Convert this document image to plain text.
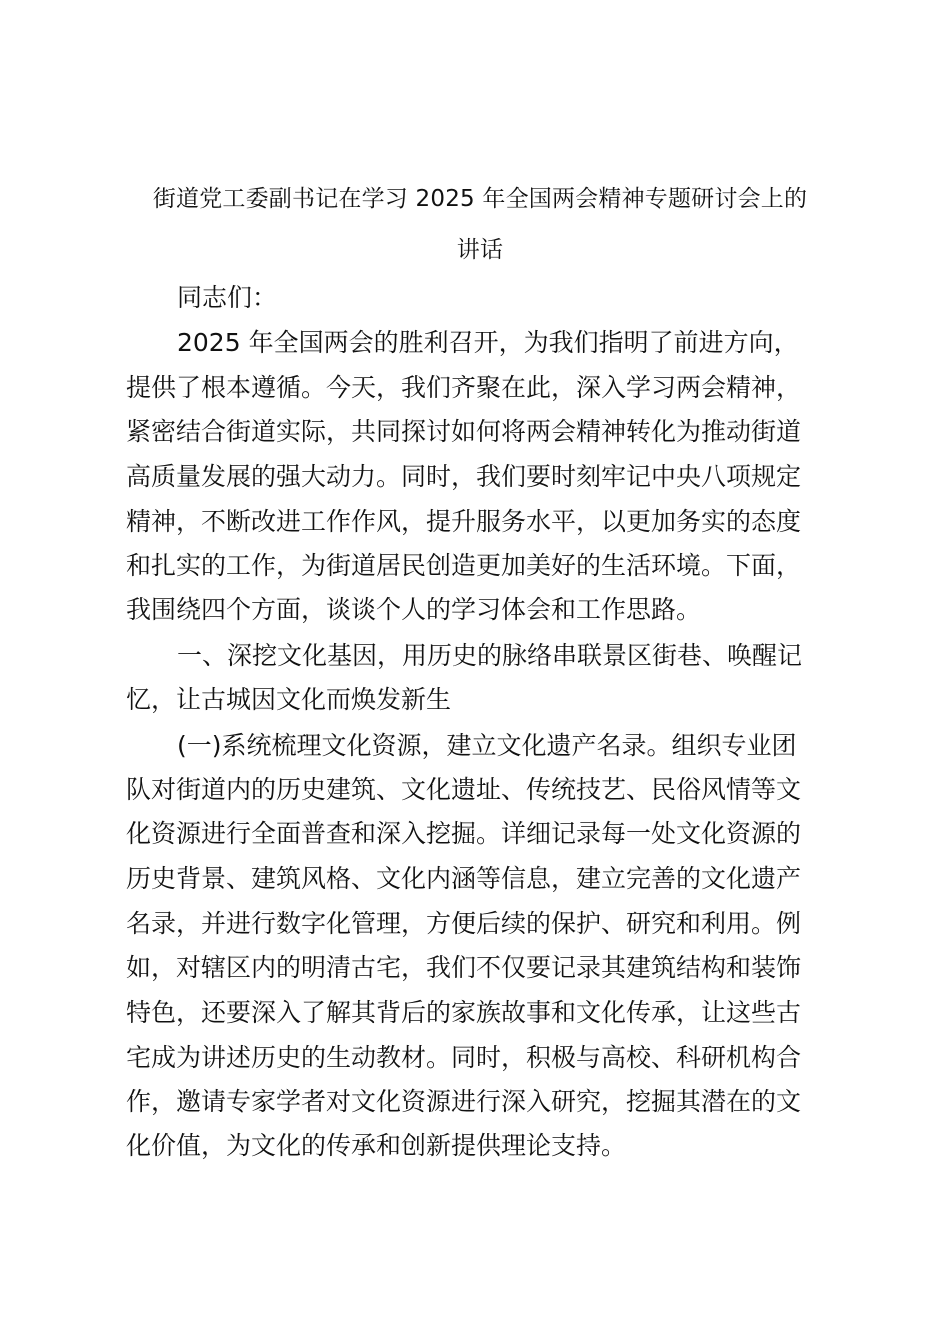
街道党工委副书记在学习 2025 年全国两会精神专题研讨会上的
讲话
同志们：
2025 年全国两会的胜利召开，为我们指明了前进方向，
提供了根本遵循。今天，我们齐聚在此，深入学习两会精神，
紧密结合街道实际，共同探讨如何将两会精神转化为推动街道
高质量发展的强大动力。同时，我们要时刻牢记中央八项规定
精神，不断改进工作作风，提升服务水平，以更加务实的态度
和扎实的工作，为街道居民创造更加美好的生活环境。下面，
我围绕四个方面，谈谈个人的学习体会和工作思路。
一、深挖文化基因，用历史的脉络串联景区街巷、唤醒记
忆，让古城因文化而焕发新生
(一)系统梳理文化资源，建立文化遗产名录。组织专业团
队对街道内的历史建筑、文化遗址、传统技艺、民俗风情等文
化资源进行全面普查和深入挖掘。详细记录每一处文化资源的
历史背景、建筑风格、文化内涵等信息，建立完善的文化遗产
名录，并进行数字化管理，方便后续的保护、研究和利用。例
如，对辖区内的明清古宅，我们不仅要记录其建筑结构和装饰
特色，还要深入了解其背后的家族故事和文化传承，让这些古
宅成为讲述历史的生动教材。同时，积极与高校、科研机构合
作，邀请专家学者对文化资源进行深入研究，挖掘其潜在的文
化价值，为文化的传承和创新提供理论支持。
